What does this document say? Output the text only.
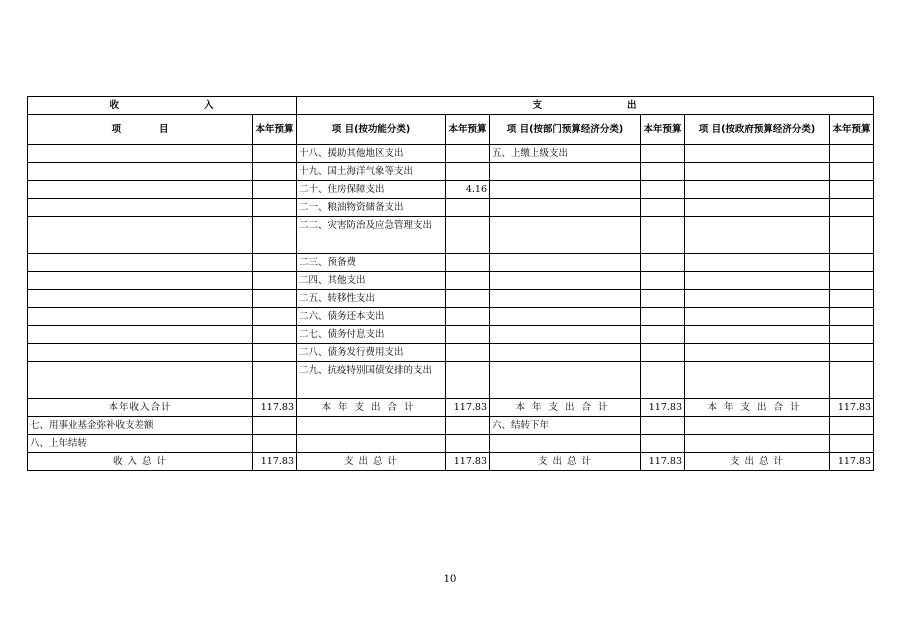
收　　　　　　　　入		支　　　　　　　　出					
项　　　　目	本年预算	项 目(按功能分类)	本年预算	项 目(按部门预算经济分类)	本年预算	项 目(按政府预算经济分类)	本年预算
		十八、援助其他地区支出		五、上缴上级支出			
		十九、国土海洋气象等支出					
		二十、住房保障支出	4.16				
		二一、粮油物资储备支出					
		二二、灾害防治及应急管理支出					
		二三、预备费					
		二四、其他支出					
		二五、转移性支出					
		二六、债务还本支出					
		二七、债务付息支出					
		二八、债务发行费用支出					
		二九、抗疫特别国债安排的支出					
本年收入合计	117.83	本年支出合计	117.83	本年支出合计	117.83	本年支出合计	117.83
七、用事业基金弥补收支差额				六、结转下年			
八、上年结转							
收 入 总 计	117.83	支 出 总 计	117.83	支 出 总 计	117.83	支 出 总 计	117.83
10
